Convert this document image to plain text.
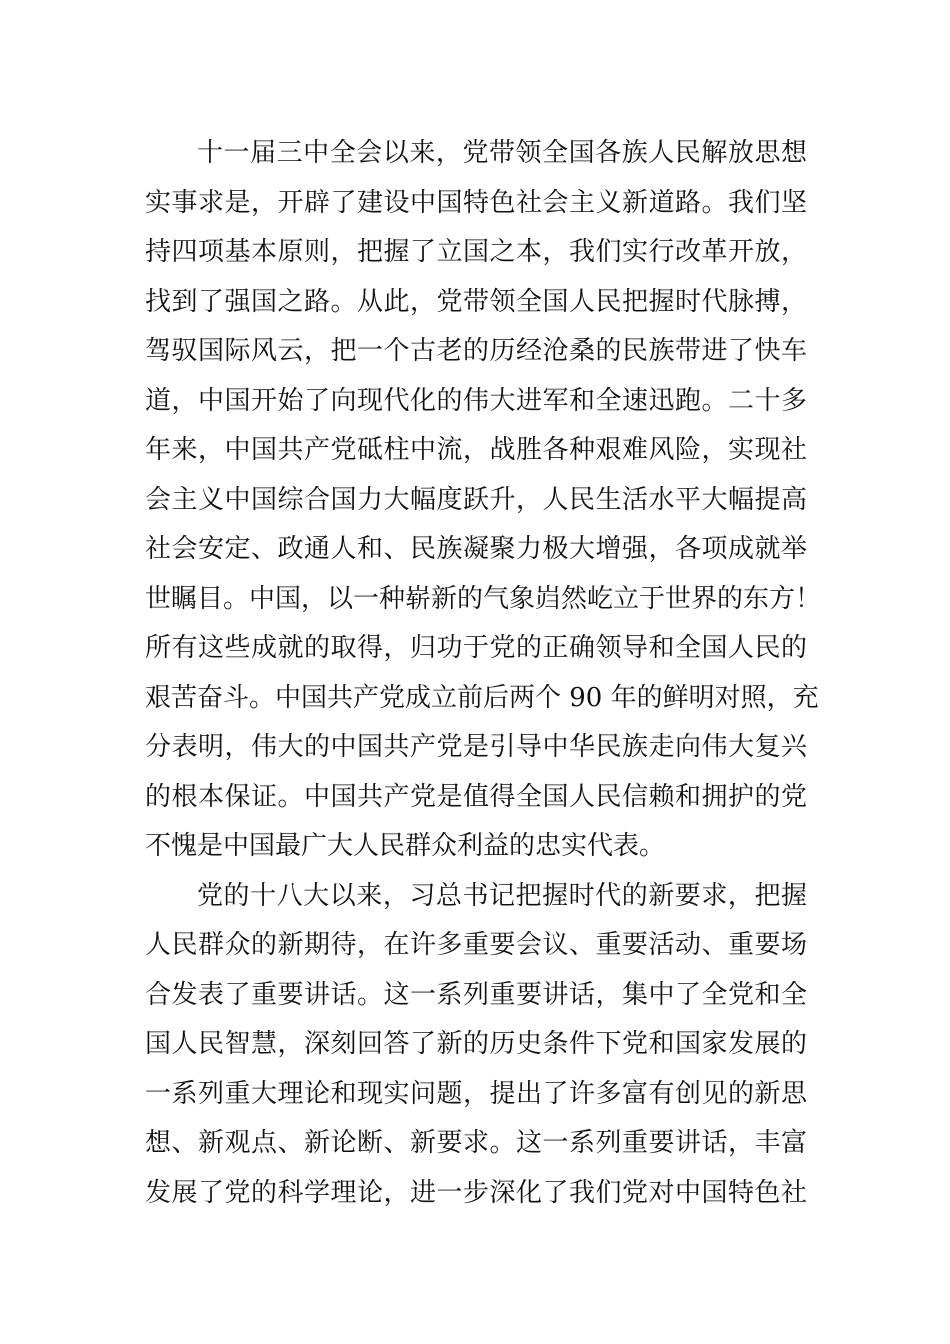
十一届三中全会以来，党带领全国各族人民解放思想
实事求是，开辟了建设中国特色社会主义新道路。我们坚
持四项基本原则，把握了立国之本，我们实行改革开放，
找到了强国之路。从此，党带领全国人民把握时代脉搏，
驾驭国际风云，把一个古老的历经沧桑的民族带进了快车
道，中国开始了向现代化的伟大进军和全速迅跑。二十多
年来，中国共产党砥柱中流，战胜各种艰难风险，实现社
会主义中国综合国力大幅度跃升，人民生活水平大幅提高
社会安定、政通人和、民族凝聚力极大增强，各项成就举
世瞩目。中国，以一种崭新的气象岿然屹立于世界的东方！
所有这些成就的取得，归功于党的正确领导和全国人民的
艰苦奋斗。中国共产党成立前后两个 90 年的鲜明对照，充
分表明，伟大的中国共产党是引导中华民族走向伟大复兴
的根本保证。中国共产党是值得全国人民信赖和拥护的党
不愧是中国最广大人民群众利益的忠实代表。
党的十八大以来，习总书记把握时代的新要求，把握
人民群众的新期待，在许多重要会议、重要活动、重要场
合发表了重要讲话。这一系列重要讲话，集中了全党和全
国人民智慧，深刻回答了新的历史条件下党和国家发展的
一系列重大理论和现实问题，提出了许多富有创见的新思
想、新观点、新论断、新要求。这一系列重要讲话，丰富
发展了党的科学理论，进一步深化了我们党对中国特色社
